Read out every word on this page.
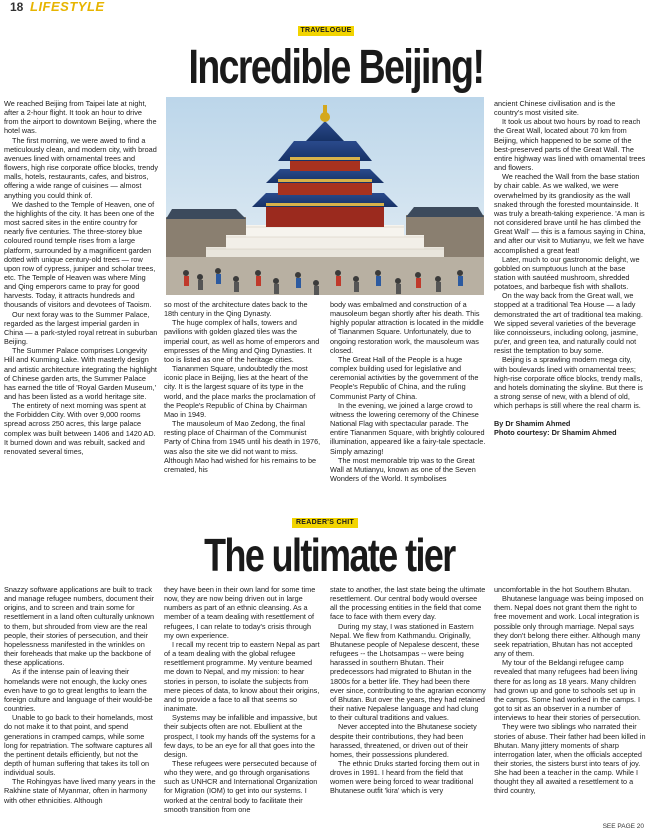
18 LIFESTYLE
TRAVELOGUE
Incredible Beijing!

We reached Beijing from Taipei late at night, after a 2-hour flight. It took an hour to drive from the airport to downtown Beijing, where the hotel was.

The first morning, we were awed to find a meticulously clean, and modern city, with broad avenues lined with ornamental trees and flowers, high rise corporate office blocks, trendy malls, hotels, restaurants, cafes, and bistros, offering a wide range of cuisines — almost anything you could think of.

We dashed to the Temple of Heaven, one of the highlights of the city. It has been one of the most sacred sites in the entire country for nearly five centuries. The three-storey blue coloured round temple rises from a large platform, surrounded by a magnificent garden dotted with unique century-old trees — row upon row of cypress, juniper and scholar trees, etc. The Temple of Heaven was where Ming and Qing emperors came to pray for good harvests. Today, it attracts hundreds and thousands of visitors and devotees of Taoism.

Our next foray was to the Summer Palace, regarded as the largest imperial garden in China — a park-styled royal retreat in suburban Beijing.

The Summer Palace comprises Longevity Hill and Kunming Lake. With masterly design and artistic architecture integrating the highlight of Chinese garden arts, the Summer Palace has earned the title of 'Royal Garden Museum,' and has been listed as a world heritage site.

The entirety of next morning was spent at the Forbidden City. With over 9,000 rooms spread across 250 acres, this large palace complex was built between 1406 and 1420 AD. It burned down and was rebuilt, sacked and renovated several times,

so most of the architecture dates back to the 18th century in the Qing Dynasty.

The huge complex of halls, towers and pavilions with golden glazed tiles was the imperial court, as well as home of emperors and empresses of the Ming and Qing Dynasties. It too is listed as one of the heritage cities.

Tiananmen Square, undoubtedly the most iconic place in Beijing, lies at the heart of the city. It is the largest square of its type in the world, and the place marks the proclamation of the People's Republic of China by Chairman Mao in 1949.

The mausoleum of Mao Zedong, the final resting place of Chairman of the Communist Party of China from 1945 until his death in 1976, was also the site we did not want to miss. Although Mao had wished for his remains to be cremated, his

body was embalmed and construction of a mausoleum began shortly after his death. This highly popular attraction is located in the middle of Tiananmen Square. Unfortunately, due to ongoing restoration work, the mausoleum was closed.

The Great Hall of the People is a huge complex building used for legislative and ceremonial activities by the government of the People's Republic of China, and the ruling Communist Party of China.

In the evening, we joined a large crowd to witness the lowering ceremony of the Chinese National Flag with spectacular parade. The entire Tiananmen Square, with brightly coloured illumination, appeared like a fairy-tale spectacle. Simply amazing!

The most memorable trip was to the Great Wall at Mutianyu, known as one of the Seven Wonders of the World. It symbolises

ancient Chinese civilisation and is the country's most visited site.

It took us about two hours by road to reach the Great Wall, located about 70 km from Beijing, which happened to be some of the best-preserved parts of the Great Wall. The entire highway was lined with ornamental trees and flowers.

We reached the Wall from the base station by chair cable. As we walked, we were overwhelmed by its grandiosity as the wall snaked through the forested mountainside. It was truly a breath-taking experience. 'A man is not considered brave until he has climbed the Great Wall' — this is a famous saying in China, and after our visit to Mutianyu, we felt we have accomplished a great feat!

Later, much to our gastronomic delight, we gobbled on sumptuous lunch at the base station with sautéed mushroom, shredded potatoes, and barbeque fish with shallots.

On the way back from the Great wall, we stopped at a traditional Tea House — a lady demonstrated the art of traditional tea making. We sipped several varieties of the beverage like connoisseurs, including oolong, jasmine, pu'er, and green tea, and naturally could not resist the temptation to buy some.

Beijing is a sprawling modern mega city, with boulevards lined with ornamental trees; high-rise corporate office blocks, trendy malls, and hotels dominating the skyline. But there is a strong sense of new, with a blend of old, which perhaps is still where the real charm is.

By Dr Shamim Ahmed

Photo courtesy: Dr Shamim Ahmed

READER'S CHIT
The ultimate tier

Snazzy software applications are built to track and manage refugee numbers, document their origins, and to screen and train some for resettlement in a land often culturally unknown to them, but shrouded from view are the real people, their stories of persecution, and their hopelessness manifested in the wrinkles on their foreheads that make up the backbone of these applications.

As if the intense pain of leaving their homelands were not enough, the lucky ones even have to go to great lengths to learn the foreign culture and language of their would-be countries.

Unable to go back to their homelands, most do not make it to that point, and spend generations in cramped camps, while some long for repatriation. The software captures all the pertinent details efficiently, but not the depth of human suffering that takes its toll on individual souls.

The Rohingyas have lived many years in the Rakhine state of Myanmar, often in harmony with other ethnicities. Although

they have been in their own land for some time now, they are now being driven out in large numbers as part of an ethnic cleansing. As a member of a team dealing with resettlement of refugees, I can relate to today's crisis through my own experience.

I recall my recent trip to eastern Nepal as part of a team dealing with the global refugee resettlement programme. My venture beamed me down to Nepal, and my mission: to hear stories in person, to isolate the subjects from mere pieces of data, to know about their origins, and to provide a face to all that seems so inanimate.

Systems may be infallible and impassive, but their subjects often are not. Ebullient at the prospect, I took my hands off the systems for a few days, to be an eye for all that goes into the design.

These refugees were persecuted because of who they were, and go through organisations such as UNHCR and International Organization for Migration (IOM) to get into our systems. I worked at the central body to facilitate their smooth transition from one

state to another, the last state being the ultimate resettlement. Our central body would oversee all the processing entities in the field that come face to face with them every day.

During my stay, I was stationed in Eastern Nepal. We flew from Kathmandu. Originally, Bhutanese people of Nepalese descent, these refugees -- the Lhotsampas -- were being harassed in southern Bhutan. Their predecessors had migrated to Bhutan in the 1800s for a better life. They had been there ever since, contributing to the agrarian economy of Bhutan. But over the years, they had retained their native Nepalese language and had clung to their cultural traditions and values.

Never accepted into the Bhutanese society despite their contributions, they had been harassed, threatened, or driven out of their homes, their possessions plundered.

The ethnic Druks started forcing them out in droves in 1991. I heard from the field that women were being forced to wear traditional Bhutanese outfit 'kira' which is very

uncomfortable in the hot Southern Bhutan.

Bhutanese language was being imposed on them. Nepal does not grant them the right to free movement and work. Local integration is possible only through marriage. Nepal says they don't belong there either. Although many seek repatriation, Bhutan has not accepted any of them.

My tour of the Beldangi refugee camp revealed that many refugees had been living there for as long as 18 years. Many children had grown up and gone to schools set up in the camps. Some had worked in the camps. I got to sit as an observer in a number of interviews to hear their stories of persecution.

They were two siblings who narrated their stories of abuse. Their father had been killed in Bhutan. Many jittery moments of sharp interrogation later, when the officials accepted their stories, the sisters burst into tears of joy. She had been a teacher in the camp. While I thought they all awaited a resettlement to a third country,

SEE PAGE 20
